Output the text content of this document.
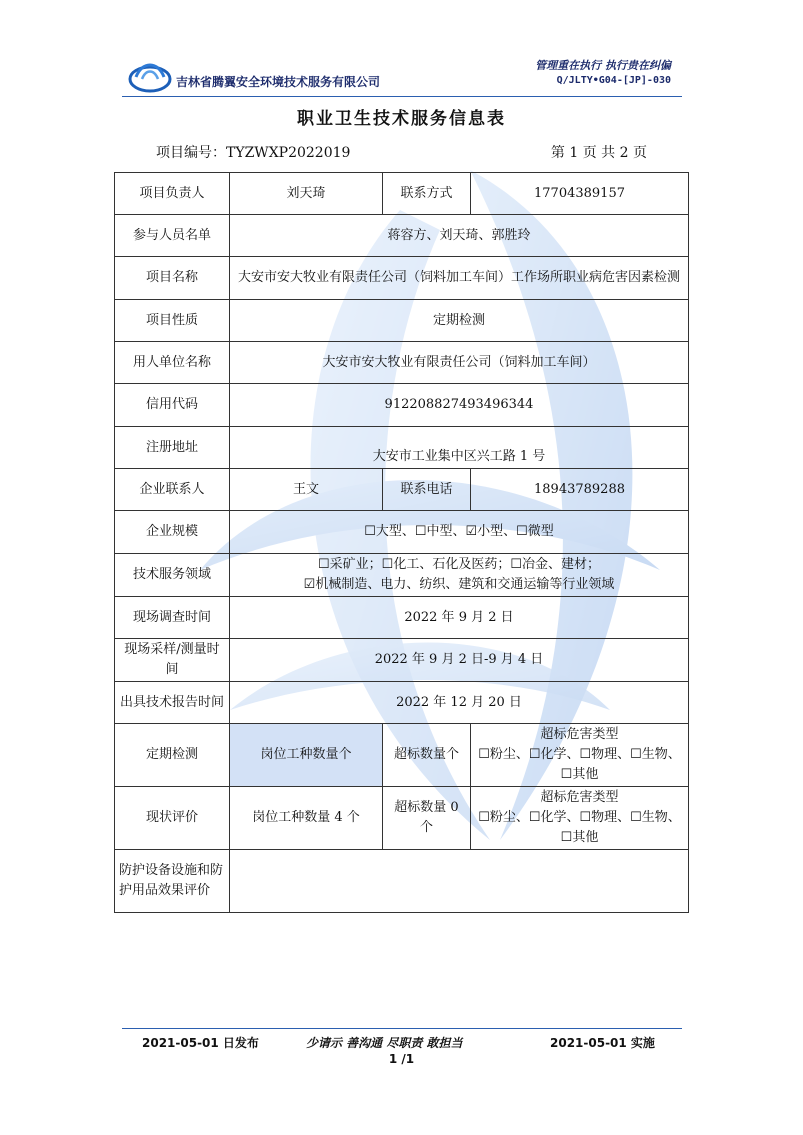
吉林省腾翼安全环境技术服务有限公司
管理重在执行 执行贵在纠偏
Q/JLTY•G04-[JP]-030
职业卫生技术服务信息表
项目编号：TYZWXP2022019	第 1 页 共 2 页
项目负责人	刘天琦	联系方式	17704389157
参与人员名单	蒋容方、刘天琦、郭胜玲		
项目名称	大安市安大牧业有限责任公司（饲料加工车间）工作场所职业病危害因素检测		
项目性质	定期检测		
用人单位名称	大安市安大牧业有限责任公司（饲料加工车间）		
信用代码	912208827493496344		
注册地址	大安市工业集中区兴工路 1 号		
企业联系人	王文	联系电话	18943789288
企业规模	☐大型、☐中型、☑小型、☐微型		
技术服务领域	☐采矿业；☐化工、石化及医药；☐冶金、建材；
☑机械制造、电力、纺织、建筑和交通运输等行业领域		

现场调查时间	2022 年 9 月 2 日		
现场采样/测量时间	2022 年 9 月 2 日-9 月 4 日		
出具技术报告时间	2022 年 12 月 20 日		
定期检测	岗位工种数量个	超标数量个	超标危害类型
☐粉尘、☐化学、☐物理、☐生物、☐其他

现状评价	岗位工种数量 4 个	超标数量 0 个	超标危害类型
☐粉尘、☐化学、☐物理、☐生物、☐其他

防护设备设施和防护用品效果评价			
2021-05-01 日发布	少请示 善沟通 尽职责 敢担当	2021-05-01 实施
1 /1
